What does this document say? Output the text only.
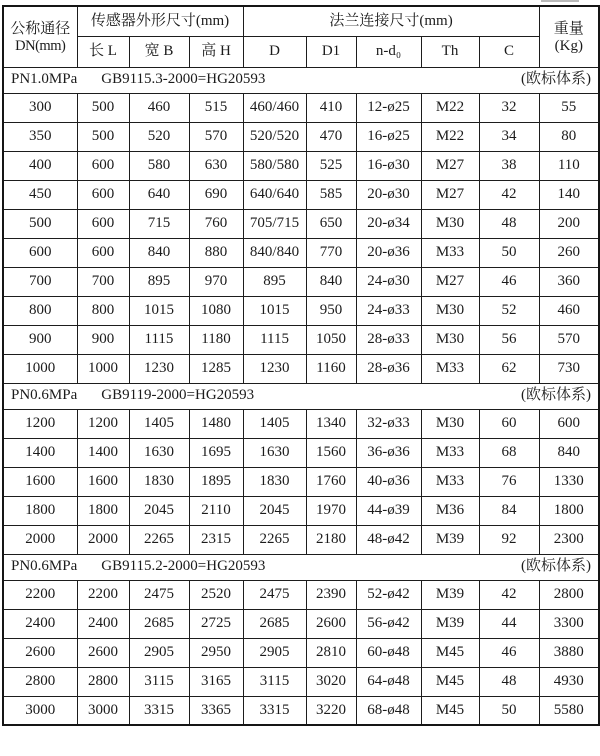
公称通径
DN(mm)	传感器外形尺寸(mm)			法兰连接尺寸(mm)					重量
(Kg)

	长 L	宽 B	高 H	D	D1	n-d₀	Th	C	

PN1.0MPa GB9115.3-2000=HG20593 (欧标体系)									

300	500	460	515	460/460	410	12-ø25	M22	32	55
350	500	520	570	520/520	470	16-ø25	M22	34	80
400	600	580	630	580/580	525	16-ø30	M27	38	110
450	600	640	690	640/640	585	20-ø30	M27	42	140
500	600	715	760	705/715	650	20-ø34	M30	48	200
600	600	840	880	840/840	770	20-ø36	M33	50	260
700	700	895	970	895	840	24-ø30	M27	46	360
800	800	1015	1080	1015	950	24-ø33	M30	52	460
900	900	1115	1180	1115	1050	28-ø33	M30	56	570
1000	1000	1230	1285	1230	1160	28-ø36	M33	62	730

PN0.6MPa GB9119-2000=HG20593 (欧标体系)									

1200	1200	1405	1480	1405	1340	32-ø33	M30	60	600
1400	1400	1630	1695	1630	1560	36-ø36	M33	68	840
1600	1600	1830	1895	1830	1760	40-ø36	M33	76	1330
1800	1800	2045	2110	2045	1970	44-ø39	M36	84	1800
2000	2000	2265	2315	2265	2180	48-ø42	M39	92	2300

PN0.6MPa GB9115.2-2000=HG20593 (欧标体系)									

2200	2200	2475	2520	2475	2390	52-ø42	M39	42	2800
2400	2400	2685	2725	2685	2600	56-ø42	M39	44	3300
2600	2600	2905	2950	2905	2810	60-ø48	M45	46	3880
2800	2800	3115	3165	3115	3020	64-ø48	M45	48	4930
3000	3000	3315	3365	3315	3220	68-ø48	M45	50	5580
